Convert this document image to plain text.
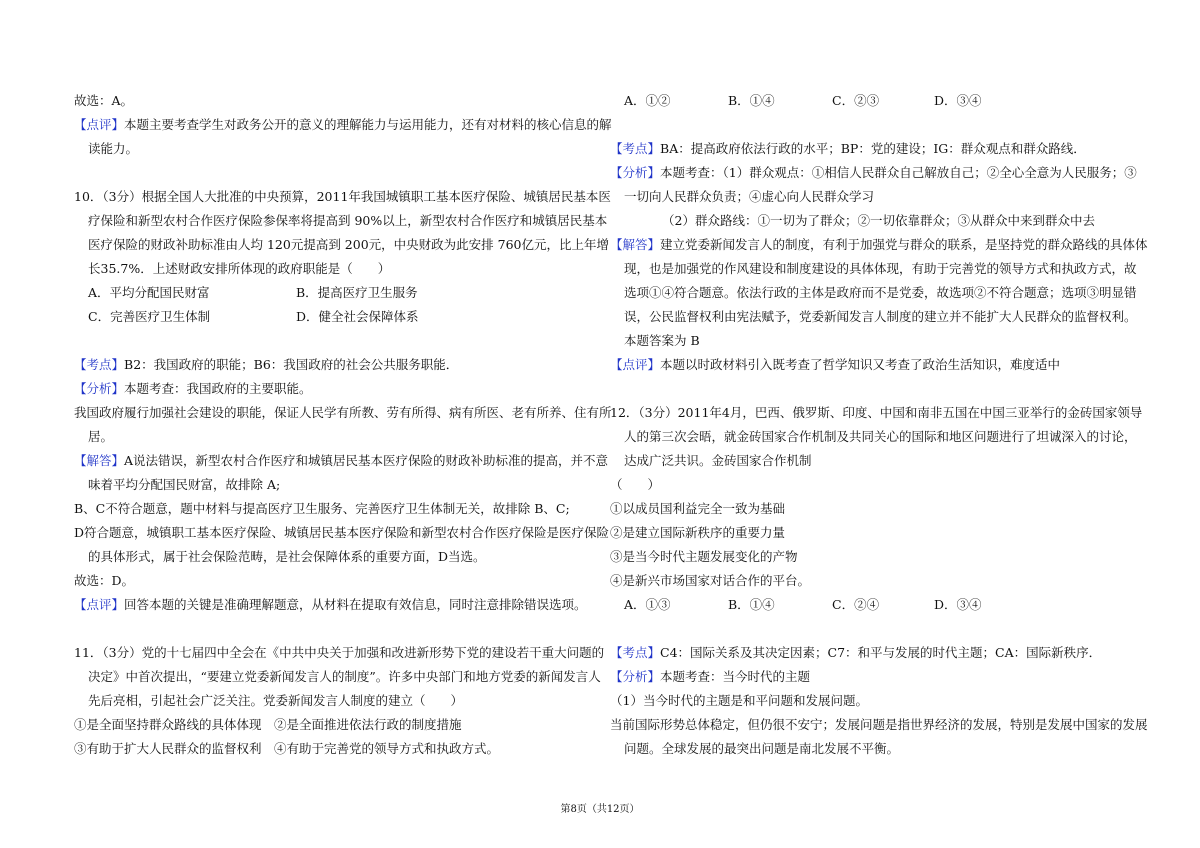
故选：A。
【点评】本题主要考查学生对政务公开的意义的理解能力与运用能力，还有对材料的核心信息的解
读能力。
10．（3分）根据全国人大批准的中央预算，2011年我国城镇职工基本医疗保险、城镇居民基本医
疗保险和新型农村合作医疗保险参保率将提高到 90%以上，新型农村合作医疗和城镇居民基本
医疗保险的财政补助标准由人均 120元提高到 200元，中央财政为此安排 760亿元，比上年增
长35.7%．上述财政安排所体现的政府职能是（　　）
A．平均分配国民财富	B．提高医疗卫生服务
C．完善医疗卫生体制	D．健全社会保障体系
【考点】B2：我国政府的职能；B6：我国政府的社会公共服务职能．
【分析】本题考查：我国政府的主要职能。
我国政府履行加强社会建设的职能，保证人民学有所教、劳有所得、病有所医、老有所养、住有所
居。
【解答】A说法错误，新型农村合作医疗和城镇居民基本医疗保险的财政补助标准的提高，并不意
味着平均分配国民财富，故排除 A;
B、C不符合题意，题中材料与提高医疗卫生服务、完善医疗卫生体制无关，故排除 B、C;
D符合题意，城镇职工基本医疗保险、城镇居民基本医疗保险和新型农村合作医疗保险是医疗保险
的具体形式，属于社会保险范畴，是社会保障体系的重要方面，D当选。
故选：D。
【点评】回答本题的关键是准确理解题意，从材料在提取有效信息，同时注意排除错误选项。
11．（3分）党的十七届四中全会在《中共中央关于加强和改进新形势下党的建设若干重大问题的
决定》中首次提出，“要建立党委新闻发言人的制度”。许多中央部门和地方党委的新闻发言人
先后亮相，引起社会广泛关注。党委新闻发言人制度的建立（　　）
①是全面坚持群众路线的具体体现　②是全面推进依法行政的制度措施
③有助于扩大人民群众的监督权利　④有助于完善党的领导方式和执政方式。
A．①②	B．①④	C．②③	D．③④
【考点】BA：提高政府依法行政的水平；BP：党的建设；IG：群众观点和群众路线．
【分析】本题考查：（1）群众观点：①相信人民群众自己解放自己；②全心全意为人民服务；③
一切向人民群众负责；④虚心向人民群众学习
（2）群众路线：①一切为了群众；②一切依靠群众；③从群众中来到群众中去
【解答】建立党委新闻发言人的制度，有利于加强党与群众的联系，是坚持党的群众路线的具体体
现，也是加强党的作风建设和制度建设的具体体现，有助于完善党的领导方式和执政方式，故
选项①④符合题意。依法行政的主体是政府而不是党委，故选项②不符合题意；选项③明显错
误，公民监督权利由宪法赋予，党委新闻发言人制度的建立并不能扩大人民群众的监督权利。
本题答案为 B
【点评】本题以时政材料引入既考查了哲学知识又考查了政治生活知识，难度适中
12．（3分）2011年4月，巴西、俄罗斯、印度、中国和南非五国在中国三亚举行的金砖国家领导
人的第三次会晤，就金砖国家合作机制及共同关心的国际和地区问题进行了坦诚深入的讨论，
达成广泛共识。金砖国家合作机制
（　　）
①以成员国利益完全一致为基础
②是建立国际新秩序的重要力量
③是当今时代主题发展变化的产物
④是新兴市场国家对话合作的平台。
A．①③	B．①④	C．②④	D．③④
【考点】C4：国际关系及其决定因素；C7：和平与发展的时代主题；CA：国际新秩序．
【分析】本题考查：当今时代的主题
（1）当今时代的主题是和平问题和发展问题。
当前国际形势总体稳定，但仍很不安宁；发展问题是指世界经济的发展，特别是发展中国家的发展
问题。全球发展的最突出问题是南北发展不平衡。
第8页（共12页）
